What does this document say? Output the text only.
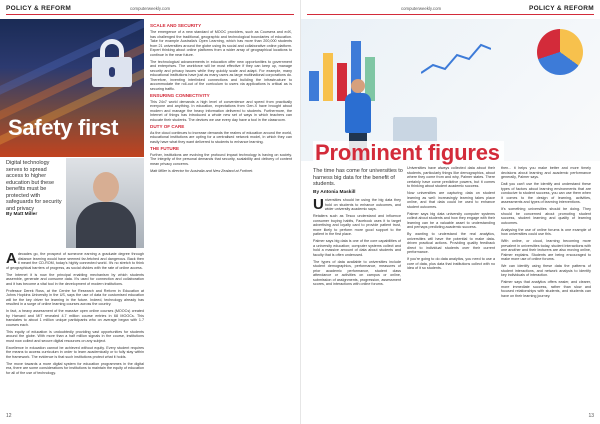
POLICY & REFORM	computerweekly.com
Safety first
Digital technology serves to spread access to higher education but these benefits must be protected with safeguards for security and privacy
By Matt Miller

Adecades go, the prospect of someone earning a graduate degree through distance learning would have seemed far-fetched and dangerous. Back then it meant the CD-ROM, today's highly connected world. It's no stretch to think of geographical barriers of progress, as social divides with the rate of online access.

The Internet it is now the principal enabling mechanism by which students assemble, generate and consume data. It's used for connection and collaboration and it has become a vital tool in the development of modern institutions.

Professor Derek Ross, at the Centre for Research and Reform in Education at Johns Hopkins University in the US, says the use of data for customised education will be the key driver for learning in the future. Indeed, technology already has resulted in a surge of online learning courses across the country.

In fact, a heavy assessment of the massive open online courses (MOOCs) created by Harvard and MIT revealed 4.7 million course entries in 68 MOOCs. This translates to about 1 million unique participants who on average began with 1.7 courses each.

This equity of education is undoubtedly providing vast opportunities for students around the globe. With more than a half million signals in the course, institutions must now collect and secure digital resources on any subject.

Excellence in education cannot be achieved without equity. Every student requires the means to access curriculum in order to learn academically or to fully stay within the framework. The evidence is that such institutions protect what it holds.

The move towards a more digital system for education programmes in the digital era, there are some considerations for institutions to maintain the equity of education for all of the use of technology.

SCALE AND SECURITY

The emergence of a new standard of MOOC providers, such as Coursera and edX, has challenged the traditional, geographic and technological boundaries of education. Take for example Australia's Open Learning, which has more than 200,000 students from 21 universities around the globe using its social and collaborative online platform. Expert thinking about online platforms from a wider array of geographical locations to continue in the near future.

The technological advancements in education offer new opportunities to government and enterprises. The workforce will be most effective if they can keep up, manage security and privacy issues while they quickly scale and adapt. For example, many educational institutions have just as many users as large multinational corporations do. Therefore, inventing interlinked connections and building the infrastructure to accommodate the roll-out of the curriculum to users via applications is critical as is securing traffic.

ENSURING CONNECTIVITY

This 24x7 world demands a high level of convenience and speed from practically everyone and anything. In education, expectations from Gen-X have brought about modern and manage the heavy information delivered to students. Furthermore, the Internet of things has introduced a whole new set of ways in which teachers can educate their students. The devices we use every day have a tool in the classroom.

DUTY OF CARE

As the cloud continues to increase demands the realms of education around the world, educational institutions are opting for a centralised network model, in which they can easily have what they want delivered to students to enhance learning.

THE FUTURE

Further, institutions are evolving the profound impact technology is having on society. The integrity of the personal demands that security, scalability and delivery of content mean privacy concerns.

Matt Miller is director for Australia and New Zealand at Fortinet.

12
computerweekly.com	POLICY & REFORM
Prominent figures
The time has come for universities to harness big data for the benefit of students.
By Antonia Maskill

Universities should be using the big data they hold on students to enhance outcomes, and wider university academic says.

Retailers such as Tesco understand and influence consumer buying habits, Facebook uses it to target advertising and loyalty card to provide patient trust, more likely to perform more good support to the patient in the first place.

Palmer says big data is one of the core capabilities of a university education; computer systems collect and hold a massive amount of data about students and faculty that is often underused.

The types of data available to universities include student demographics, performance, measures of prior academic performance, student class attendance or activities on campus or online, submission of assignments, progression, assessment scores, and interactions with online forums.

Universities have always collected data about their students, particularly things like demographics, about where they come from and why, Palmer states. There certainly have come predictive powers, but it comes to thinking about student academic success.

Now universities are capturing data on student learning as well: increasingly learning takes place online, and that data could be used to enhance student outcomes.

Palmer says big data university computer systems collect about students and how they engage with their learning can be a valuable asset to understanding and perhaps predicting academic success.

By wanting to understand the real analytics, universities will have the potential to make data-driven practical actions. Providing quality feedback direct to individual students over their current performance.

If you're going to do data analytics, you need to use a core of data, plus data that institutions collect with no idea of it so students.

then... it helps you make better and more timely decisions about learning and academic performance generally, Palmer says.

Dalt you can't use the identify and understand these types of factors about learning environments that are conducive to student success, you can use them when it comes to the design of learning, activities, assessments and types of learning interventions.

It's something universities should be doing. They should be concerned about promoting student success, student learning and quality of learning outcomes.

Analysing the use of online forums is one example of how universities could use this.

With online, or cloud, learning becoming more prevalent in universities today, student interactions with one another and their lecturers are also moving online, Palmer explains. Students are being encouraged to make more use of online forums.

We can identify using these data the patterns of student interactions, and network analysis to identify key individuals of interaction.

Palmer says that analytics offers easier, and clearer, more immediate success, rather than slow and focused relationships with students, and students can have on their learning journey.

13
